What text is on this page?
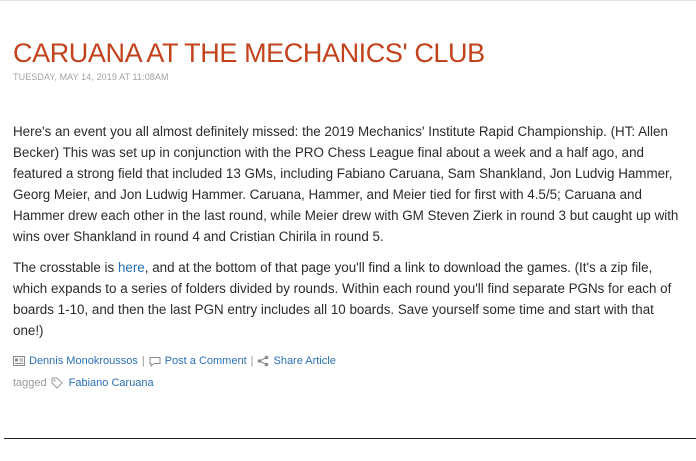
CARUANA AT THE MECHANICS' CLUB
TUESDAY, MAY 14, 2019 AT 11:08AM

Here's an event you all almost definitely missed: the 2019 Mechanics' Institute Rapid Championship. (HT: Allen Becker) This was set up in conjunction with the PRO Chess League final about a week and a half ago, and featured a strong field that included 13 GMs, including Fabiano Caruana, Sam Shankland, Jon Ludvig Hammer, Georg Meier, and Jon Ludwig Hammer. Caruana, Hammer, and Meier tied for first with 4.5/5; Caruana and Hammer drew each other in the last round, while Meier drew with GM Steven Zierk in round 3 but caught up with wins over Shankland in round 4 and Cristian Chirila in round 5.

The crosstable is here, and at the bottom of that page you'll find a link to download the games. (It's a zip file, which expands to a series of folders divided by rounds. Within each round you'll find separate PGNs for each of boards 1-10, and then the last PGN entry includes all 10 boards. Save yourself some time and start with that one!)

Dennis Monokroussos | Post a Comment | Share Article
tagged Fabiano Caruana
